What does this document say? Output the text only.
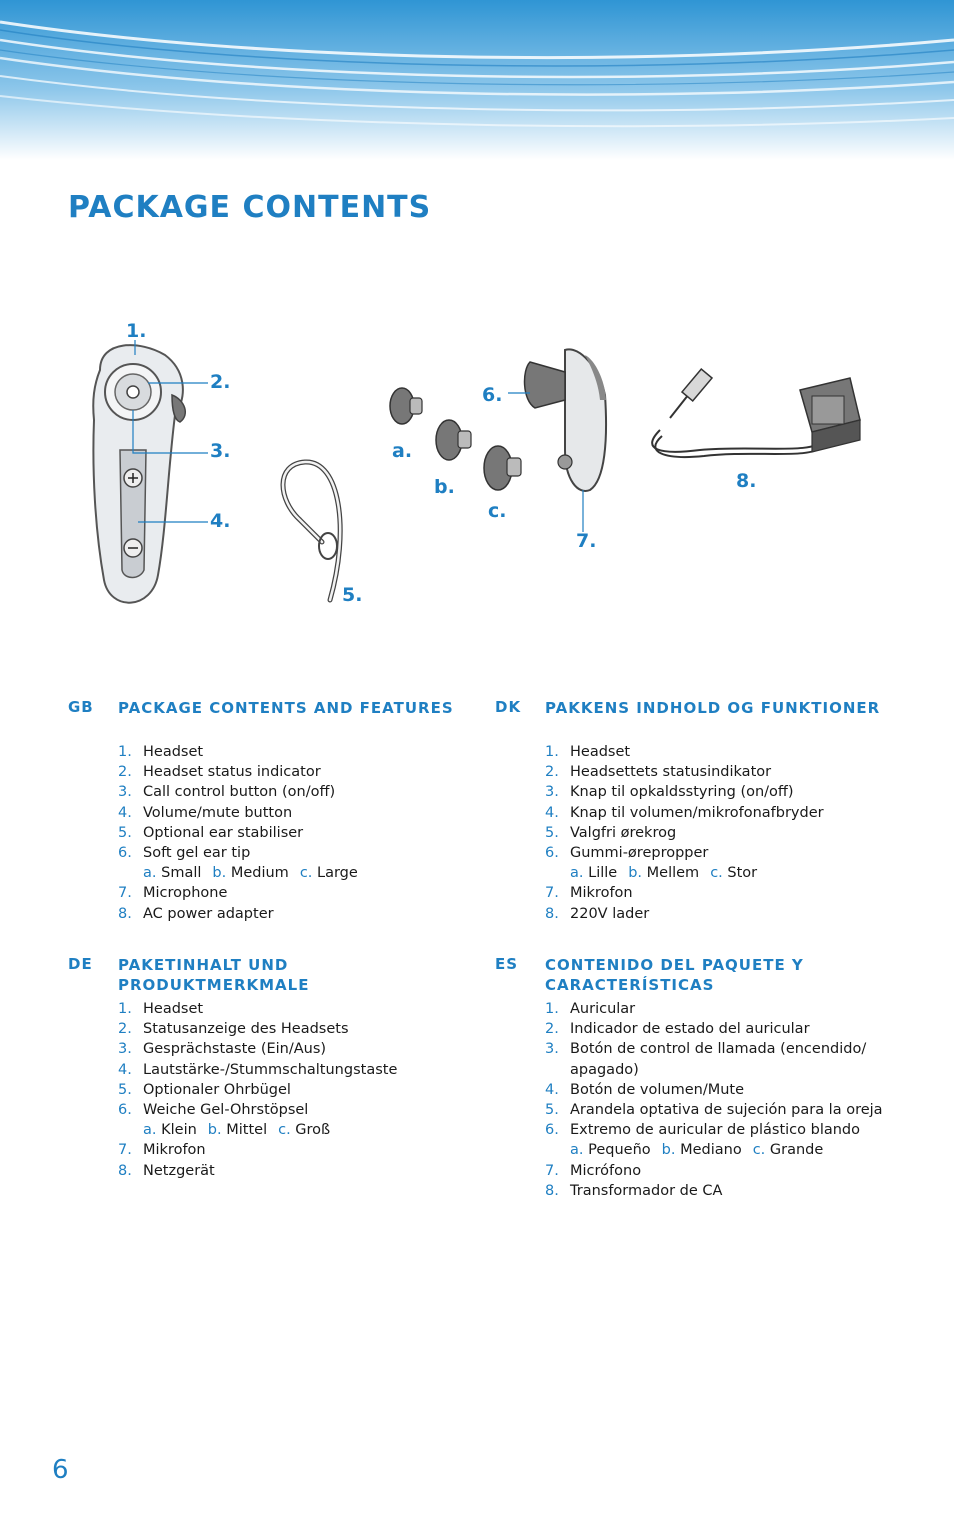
PACKAGE CONTENTS
1.
2.
3.
4.
5.
6.
7.
8.
a.
b.
c.
GB PACKAGE CONTENTS AND FEATURES
1. Headset
2. Headset status indicator
3. Call control button (on/off)
4. Volume/mute button
5. Optional ear stabiliser
6. Soft gel ear tip
a. Small b. Medium c. Large
7. Microphone
8. AC power adapter
DK PAKKENS INDHOLD OG FUNKTIONER
1. Headset
2. Headsettets statusindikator
3. Knap til opkaldsstyring (on/off)
4. Knap til volumen/mikrofonafbryder
5. Valgfri ørekrog
6. Gummi-ørepropper
a. Lille b. Mellem c. Stor
7. Mikrofon
8. 220V lader
DE PAKETINHALT UND PRODUKTMERKMALE
1. Headset
2. Statusanzeige des Headsets
3. Gesprächstaste (Ein/Aus)
4. Lautstärke-/Stummschaltungstaste
5. Optionaler Ohrbügel
6. Weiche Gel-Ohrstöpsel
a. Klein b. Mittel c. Groß
7. Mikrofon
8. Netzgerät
ES CONTENIDO DEL PAQUETE Y CARACTERÍSTICAS
1. Auricular
2. Indicador de estado del auricular
3. Botón de control de llamada (encendido/ apagado)
4. Botón de volumen/Mute
5. Arandela optativa de sujeción para la oreja
6. Extremo de auricular de plástico blando
a. Pequeño b. Mediano c. Grande
7. Micrófono
8. Transformador de CA
6
